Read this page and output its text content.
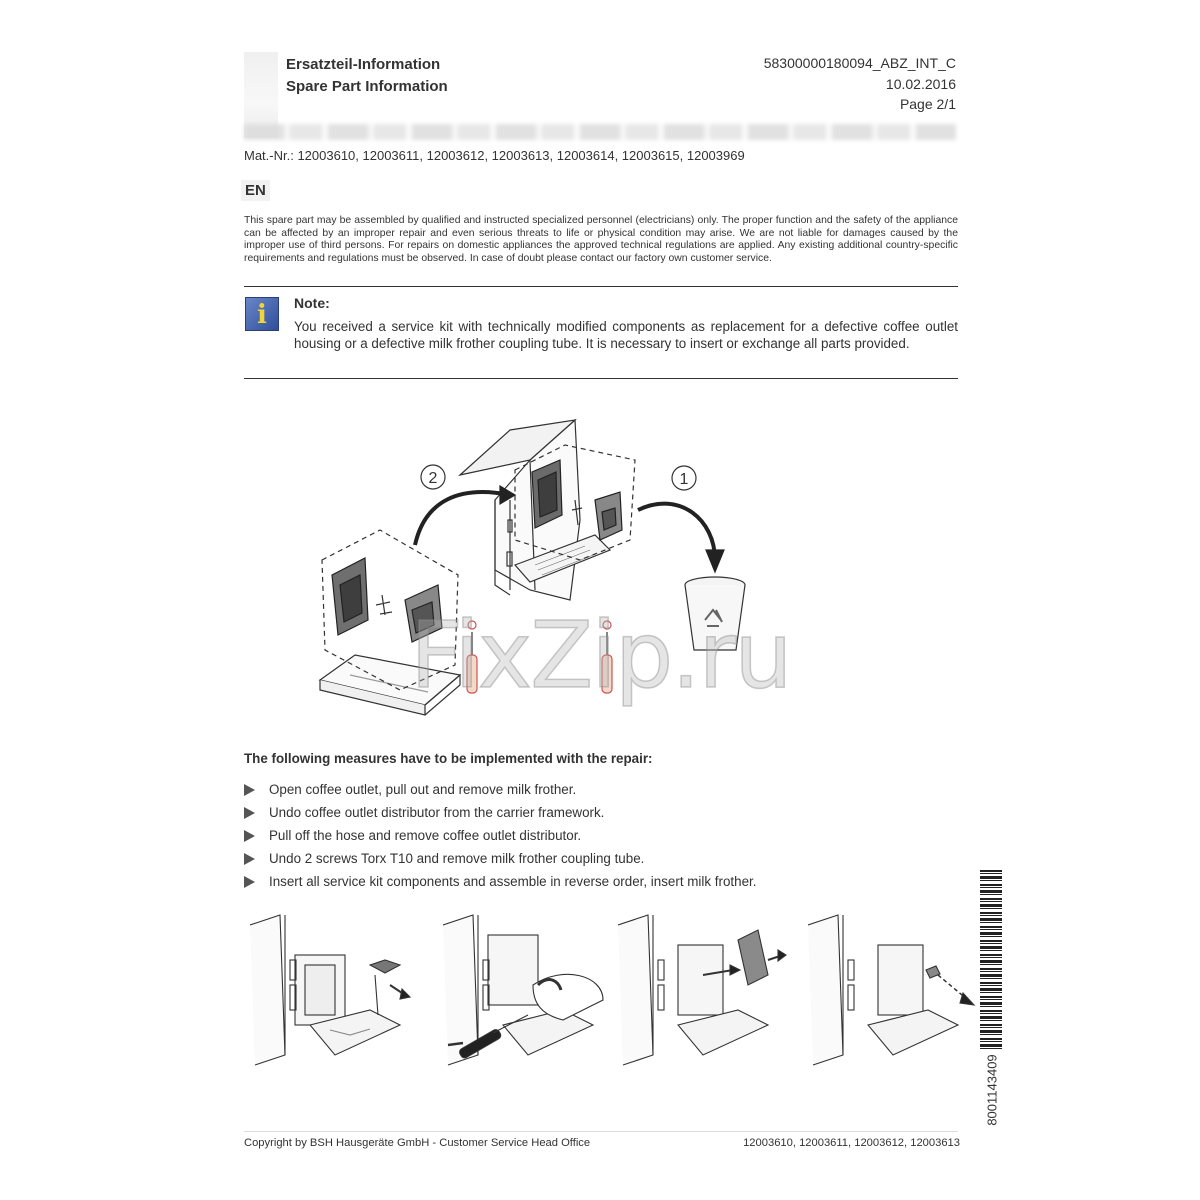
Ersatzteil-Information
Spare Part Information
58300000180094_ABZ_INT_C
10.02.2016
Page 2/1
Mat.-Nr.: 12003610, 12003611, 12003612, 12003613, 12003614, 12003615, 12003969
EN
This spare part may be assembled by qualified and instructed specialized personnel (electricians) only. The proper function and the safety of the appliance can be affected by an improper repair and even serious threats to life or physical condition may arise. We are not liable for damages caused by the improper use of third persons. For repairs on domestic appliances the approved technical regulations are applied. Any existing additional country-specific requirements and regulations must be observed. In case of doubt please contact our factory own customer service.
i	Note:
You received a service kit with technically modified components as replacement for a defective coffee outlet housing or a defective milk frother coupling tube. It is necessary to insert or exchange all parts provided.
1
2
FixZip.ru
The following measures have to be implemented with the repair:
Open coffee outlet, pull out and remove milk frother.
Undo coffee outlet distributor from the carrier framework.
Pull off the hose and remove coffee outlet distributor.
Undo 2 screws Torx T10 and remove milk frother coupling tube.
Insert all service kit components and assemble in reverse order, insert milk frother.
8001143409
Copyright by BSH Hausgeräte GmbH - Customer Service Head Office	12003610, 12003611, 12003612, 12003613
